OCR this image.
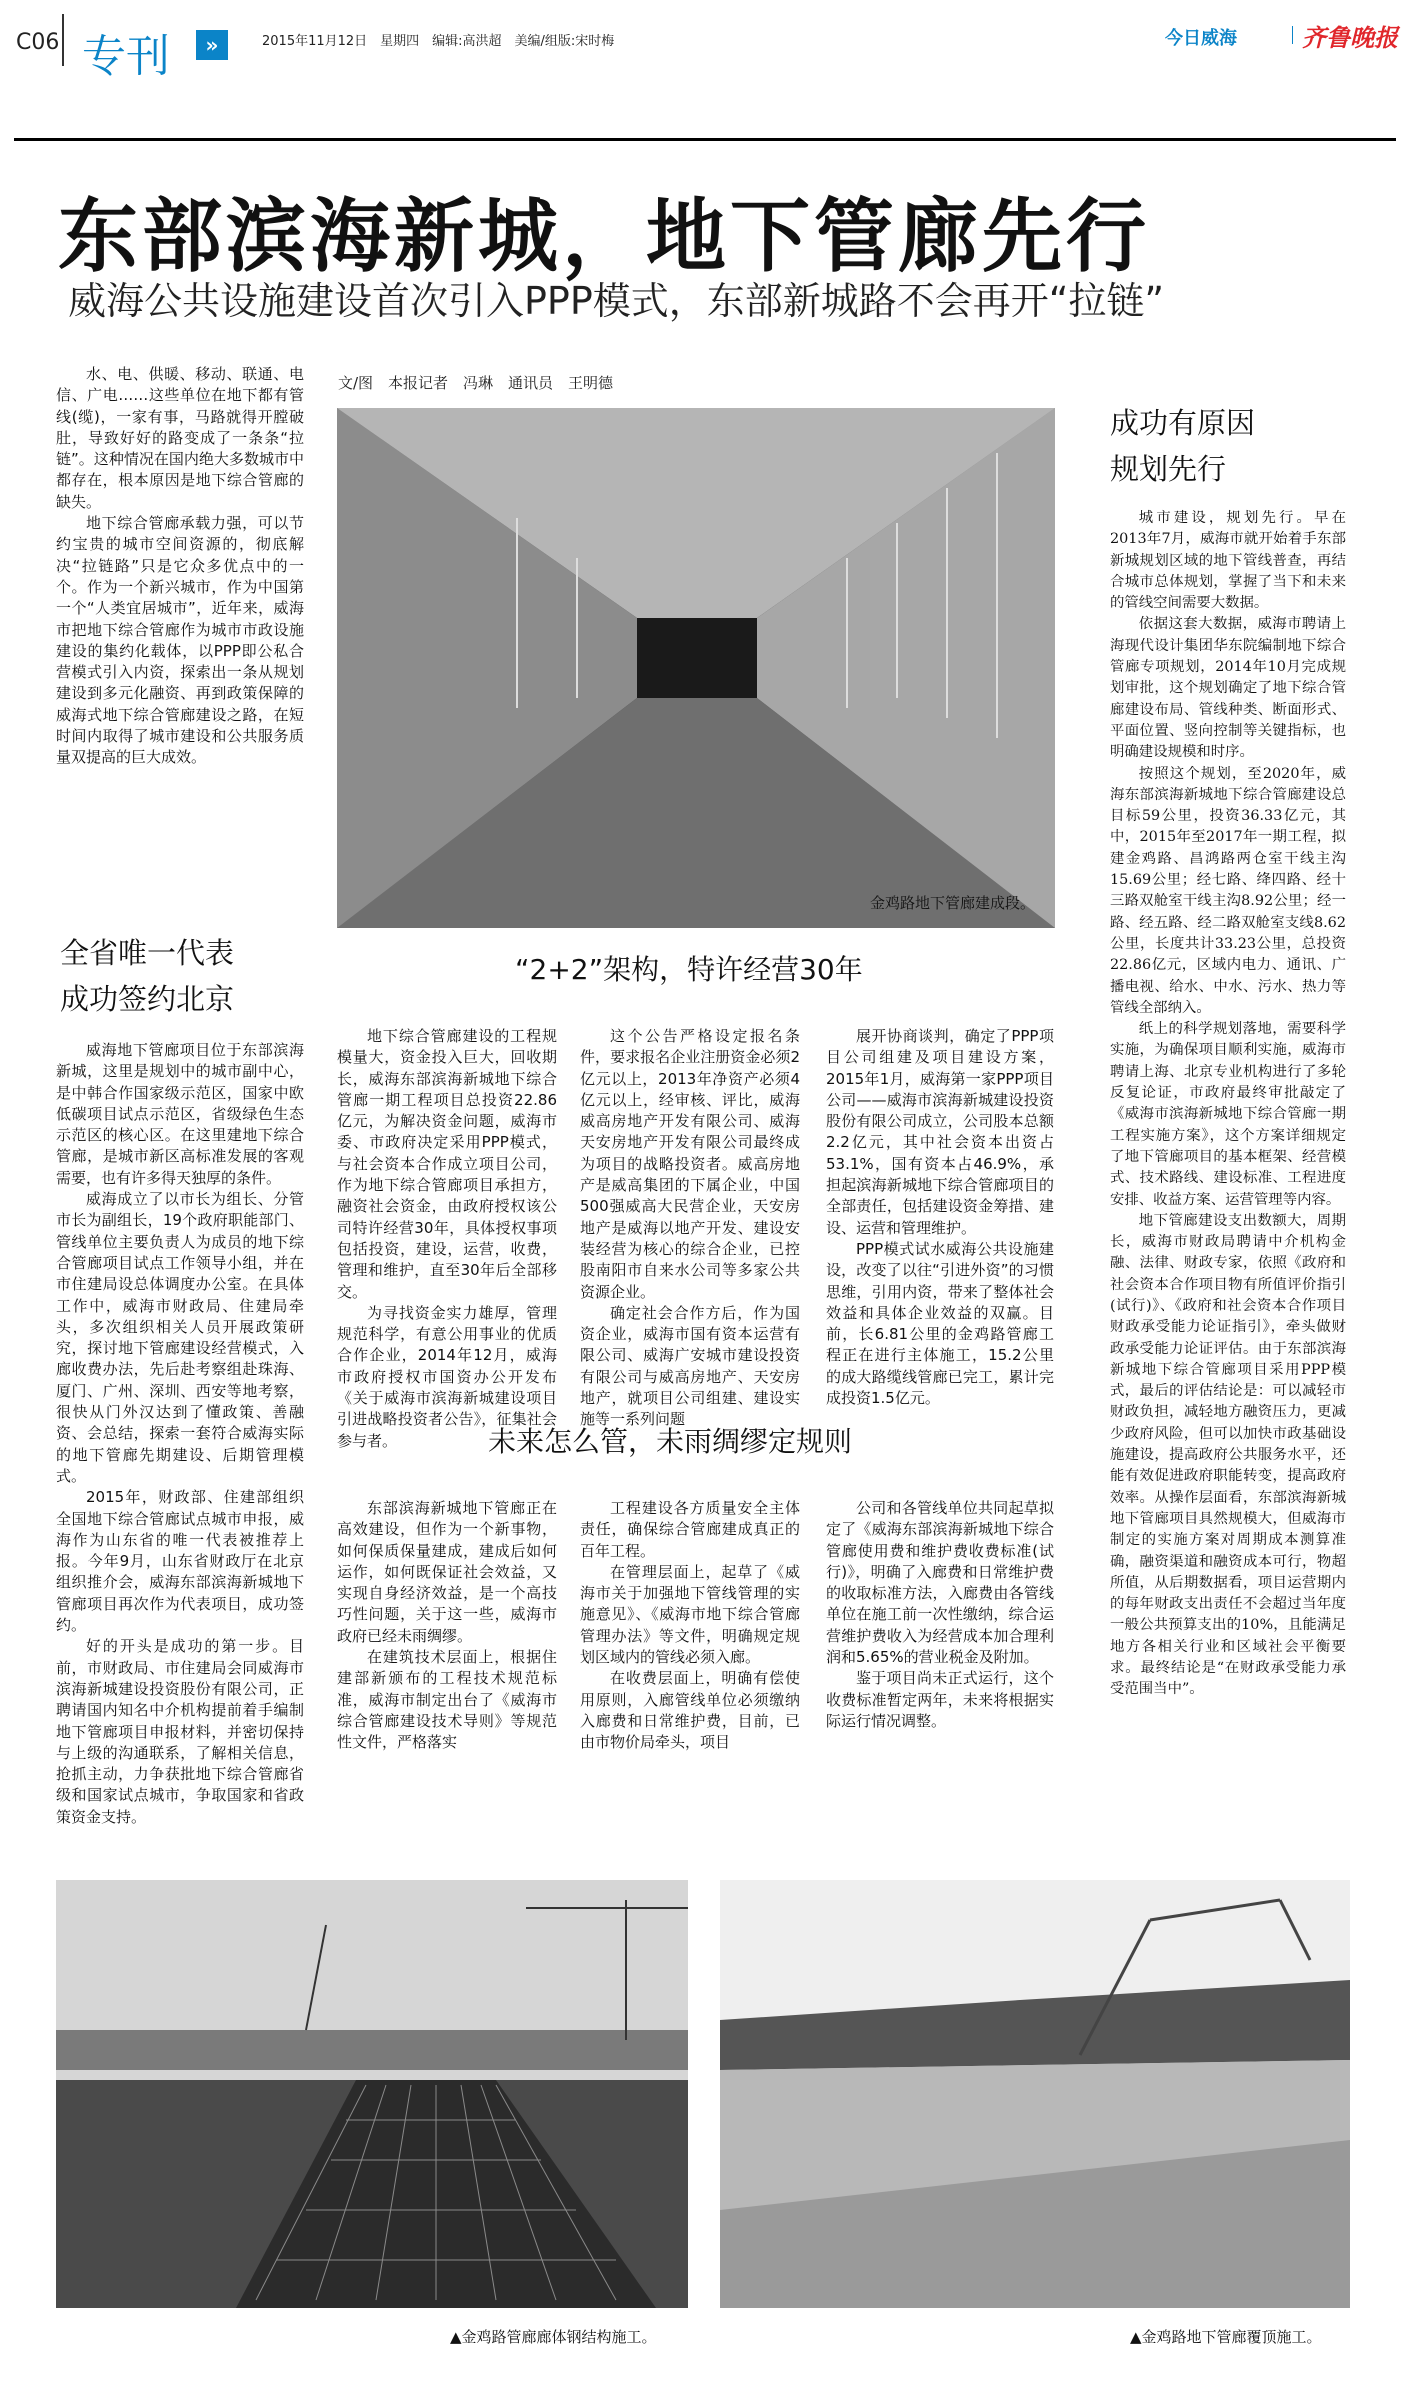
C06 专刊	»	2015年11月12日　星期四　编辑:高洪超　美编/组版:宋时梅	今日威海	齐鲁晚报
东部滨海新城，地下管廊先行
威海公共设施建设首次引入PPP模式，东部新城路不会再开“拉链”

水、电、供暖、移动、联通、电信、广电……这些单位在地下都有管线(缆)，一家有事，马路就得开膛破肚，导致好好的路变成了一条条“拉链”。这种情况在国内绝大多数城市中都存在，根本原因是地下综合管廊的缺失。

地下综合管廊承载力强，可以节约宝贵的城市空间资源的，彻底解决“拉链路”只是它众多优点中的一个。作为一个新兴城市，作为中国第一个“人类宜居城市”，近年来，威海市把地下综合管廊作为城市市政设施建设的集约化载体，以PPP即公私合营模式引入内资，探索出一条从规划建设到多元化融资、再到政策保障的威海式地下综合管廊建设之路，在短时间内取得了城市建设和公共服务质量双提高的巨大成效。

文/图　本报记者　冯琳　通讯员　王明德
金鸡路地下管廊建成段。
全省唯一代表
成功签约北京

威海地下管廊项目位于东部滨海新城，这里是规划中的城市副中心，是中韩合作国家级示范区，国家中欧低碳项目试点示范区，省级绿色生态示范区的核心区。在这里建地下综合管廊，是城市新区高标准发展的客观需要，也有许多得天独厚的条件。

威海成立了以市长为组长、分管市长为副组长，19个政府职能部门、管线单位主要负责人为成员的地下综合管廊项目试点工作领导小组，并在市住建局设总体调度办公室。在具体工作中，威海市财政局、住建局牵头，多次组织相关人员开展政策研究，探讨地下管廊建设经营模式，入廊收费办法，先后赴考察组赴珠海、厦门、广州、深圳、西安等地考察，很快从门外汉达到了懂政策、善融资、会总结，探索一套符合威海实际的地下管廊先期建设、后期管理模式。

2015年，财政部、住建部组织全国地下综合管廊试点城市申报，威海作为山东省的唯一代表被推荐上报。今年9月，山东省财政厅在北京组织推介会，威海东部滨海新城地下管廊项目再次作为代表项目，成功签约。

好的开头是成功的第一步。目前，市财政局、市住建局会同威海市滨海新城建设投资股份有限公司，正聘请国内知名中介机构提前着手编制地下管廊项目申报材料，并密切保持与上级的沟通联系，了解相关信息，抢抓主动，力争获批地下综合管廊省级和国家试点城市，争取国家和省政策资金支持。

“2+2”架构，特许经营30年

地下综合管廊建设的工程规模量大，资金投入巨大，回收期长，威海东部滨海新城地下综合管廊一期工程项目总投资22.86亿元，为解决资金问题，威海市委、市政府决定采用PPP模式，与社会资本合作成立项目公司，作为地下综合管廊项目承担方，融资社会资金，由政府授权该公司特许经营30年，具体授权事项包括投资，建设，运营，收费，管理和维护，直至30年后全部移交。

为寻找资金实力雄厚，管理规范科学，有意公用事业的优质合作企业，2014年12月，威海市政府授权市国资办公开发布《关于威海市滨海新城建设项目引进战略投资者公告》，征集社会参与者。

这个公告严格设定报名条件，要求报名企业注册资金必须2亿元以上，2013年净资产必须4亿元以上，经审核、评比，威海威高房地产开发有限公司、威海天安房地产开发有限公司最终成为项目的战略投资者。威高房地产是威高集团的下属企业，中国500强威高大民营企业，天安房地产是威海以地产开发、建设安装经营为核心的综合企业，已控股南阳市自来水公司等多家公共资源企业。

确定社会合作方后，作为国资企业，威海市国有资本运营有限公司、威海广安城市建设投资有限公司与威高房地产、天安房地产，就项目公司组建、建设实施等一系列问题

展开协商谈判，确定了PPP项目公司组建及项目建设方案，2015年1月，威海第一家PPP项目公司——威海市滨海新城建设投资股份有限公司成立，公司股本总额2.2亿元，其中社会资本出资占53.1%，国有资本占46.9%，承担起滨海新城地下综合管廊项目的全部责任，包括建设资金筹措、建设、运营和管理维护。

PPP模式试水威海公共设施建设，改变了以往“引进外资”的习惯思维，引用内资，带来了整体社会效益和具体企业效益的双赢。目前，长6.81公里的金鸡路管廊工程正在进行主体施工，15.2公里的成大路缆线管廊已完工，累计完成投资1.5亿元。

未来怎么管，未雨绸缪定规则

东部滨海新城地下管廊正在高效建设，但作为一个新事物，如何保质保量建成，建成后如何运作，如何既保证社会效益，又实现自身经济效益，是一个高技巧性问题，关于这一些，威海市政府已经未雨绸缪。

在建筑技术层面上，根据住建部新颁布的工程技术规范标准，威海市制定出台了《威海市综合管廊建设技术导则》等规范性文件，严格落实

工程建设各方质量安全主体责任，确保综合管廊建成真正的百年工程。

在管理层面上，起草了《威海市关于加强地下管线管理的实施意见》、《威海市地下综合管廊管理办法》等文件，明确规定规划区域内的管线必须入廊。

在收费层面上，明确有偿使用原则，入廊管线单位必须缴纳入廊费和日常维护费，目前，已由市物价局牵头，项目

公司和各管线单位共同起草拟定了《威海东部滨海新城地下综合管廊使用费和维护费收费标准(试行)》，明确了入廊费和日常维护费的收取标准方法，入廊费由各管线单位在施工前一次性缴纳，综合运营维护费收入为经营成本加合理利润和5.65%的营业税金及附加。

鉴于项目尚未正式运行，这个收费标准暂定两年，未来将根据实际运行情况调整。

成功有原因
规划先行

城市建设，规划先行。早在2013年7月，威海市就开始着手东部新城规划区域的地下管线普查，再结合城市总体规划，掌握了当下和未来的管线空间需要大数据。

依据这套大数据，威海市聘请上海现代设计集团华东院编制地下综合管廊专项规划，2014年10月完成规划审批，这个规划确定了地下综合管廊建设布局、管线种类、断面形式、平面位置、竖向控制等关键指标，也明确建设规模和时序。

按照这个规划，至2020年，威海东部滨海新城地下综合管廊建设总目标59公里，投资36.33亿元，其中，2015年至2017年一期工程，拟建金鸡路、昌鸿路两仓室干线主沟15.69公里；经七路、绛四路、经十三路双舱室干线主沟8.92公里；经一路、经五路、经二路双舱室支线8.62公里，长度共计33.23公里，总投资22.86亿元，区域内电力、通讯、广播电视、给水、中水、污水、热力等管线全部纳入。

纸上的科学规划落地，需要科学实施，为确保项目顺利实施，威海市聘请上海、北京专业机构进行了多轮反复论证，市政府最终审批敲定了《威海市滨海新城地下综合管廊一期工程实施方案》，这个方案详细规定了地下管廊项目的基本框架、经营模式、技术路线、建设标准、工程进度安排、收益方案、运营管理等内容。

地下管廊建设支出数额大，周期长，威海市财政局聘请中介机构金融、法律、财政专家，依照《政府和社会资本合作项目物有所值评价指引(试行)》、《政府和社会资本合作项目财政承受能力论证指引》，牵头做财政承受能力论证评估。由于东部滨海新城地下综合管廊项目采用PPP模式，最后的评估结论是：可以减轻市财政负担，减轻地方融资压力，更减少政府风险，但可以加快市政基础设施建设，提高政府公共服务水平，还能有效促进政府职能转变，提高政府效率。从操作层面看，东部滨海新城地下管廊项目具然规模大，但威海市制定的实施方案对周期成本测算准确，融资渠道和融资成本可行，物超所值，从后期数据看，项目运营期内的每年财政支出责任不会超过当年度一般公共预算支出的10%，且能满足地方各相关行业和区域社会平衡要求。最终结论是“在财政承受能力承受范围当中”。

▲金鸡路管廊廊体钢结构施工。	▲金鸡路地下管廊覆顶施工。
